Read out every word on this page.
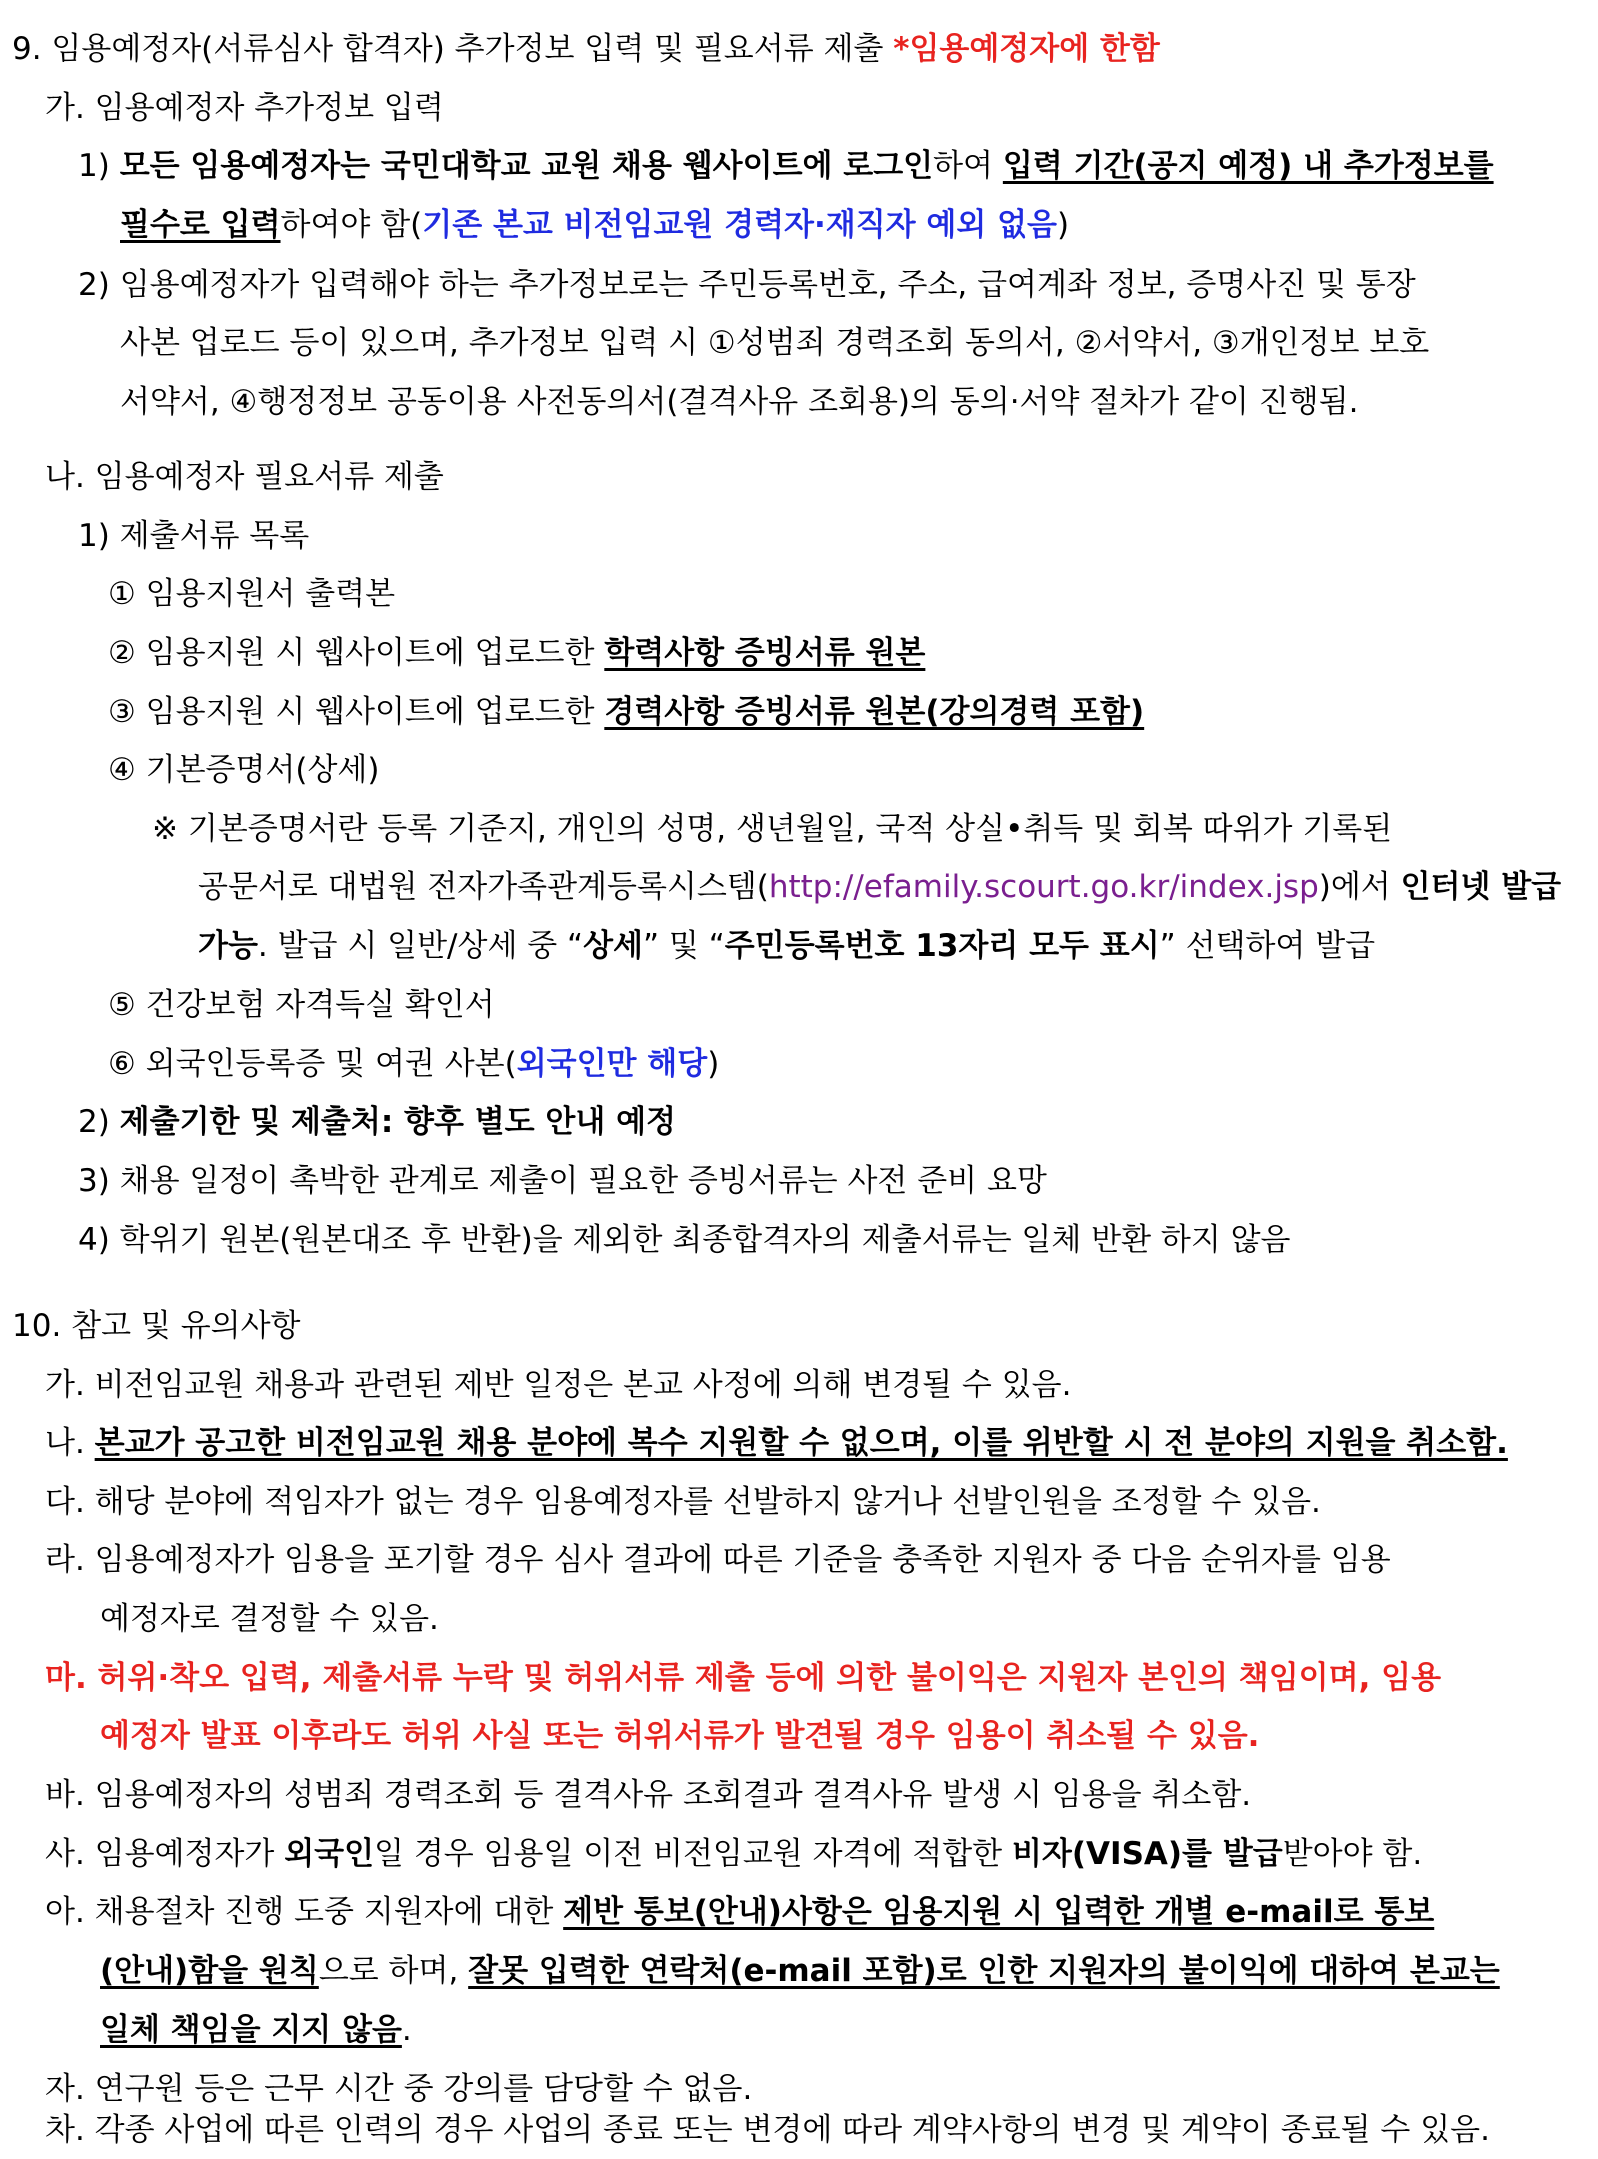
9. 임용예정자(서류심사 합격자) 추가정보 입력 및 필요서류 제출 *임용예정자에 한함
가. 임용예정자 추가정보 입력
1) 모든 임용예정자는 국민대학교 교원 채용 웹사이트에 로그인하여 입력 기간(공지 예정) 내 추가정보를
필수로 입력하여야 함(기존 본교 비전임교원 경력자·재직자 예외 없음)
2) 임용예정자가 입력해야 하는 추가정보로는 주민등록번호, 주소, 급여계좌 정보, 증명사진 및 통장
사본 업로드 등이 있으며, 추가정보 입력 시 ①성범죄 경력조회 동의서, ②서약서, ③개인정보 보호
서약서, ④행정정보 공동이용 사전동의서(결격사유 조회용)의 동의·서약 절차가 같이 진행됨.
나. 임용예정자 필요서류 제출
1) 제출서류 목록
① 임용지원서 출력본
② 임용지원 시 웹사이트에 업로드한 학력사항 증빙서류 원본
③ 임용지원 시 웹사이트에 업로드한 경력사항 증빙서류 원본(강의경력 포함)
④ 기본증명서(상세)
※ 기본증명서란 등록 기준지, 개인의 성명, 생년월일, 국적 상실•취득 및 회복 따위가 기록된
공문서로 대법원 전자가족관계등록시스템(http://efamily.scourt.go.kr/index.jsp)에서 인터넷 발급
가능. 발급 시 일반/상세 중 “상세” 및 “주민등록번호 13자리 모두 표시” 선택하여 발급
⑤ 건강보험 자격득실 확인서
⑥ 외국인등록증 및 여권 사본(외국인만 해당)
2) 제출기한 및 제출처: 향후 별도 안내 예정
3) 채용 일정이 촉박한 관계로 제출이 필요한 증빙서류는 사전 준비 요망
4) 학위기 원본(원본대조 후 반환)을 제외한 최종합격자의 제출서류는 일체 반환 하지 않음
10. 참고 및 유의사항
가. 비전임교원 채용과 관련된 제반 일정은 본교 사정에 의해 변경될 수 있음.
나. 본교가 공고한 비전임교원 채용 분야에 복수 지원할 수 없으며, 이를 위반할 시 전 분야의 지원을 취소함.
다. 해당 분야에 적임자가 없는 경우 임용예정자를 선발하지 않거나 선발인원을 조정할 수 있음.
라. 임용예정자가 임용을 포기할 경우 심사 결과에 따른 기준을 충족한 지원자 중 다음 순위자를 임용
예정자로 결정할 수 있음.
마. 허위·착오 입력, 제출서류 누락 및 허위서류 제출 등에 의한 불이익은 지원자 본인의 책임이며, 임용
예정자 발표 이후라도 허위 사실 또는 허위서류가 발견될 경우 임용이 취소될 수 있음.
바. 임용예정자의 성범죄 경력조회 등 결격사유 조회결과 결격사유 발생 시 임용을 취소함.
사. 임용예정자가 외국인일 경우 임용일 이전 비전임교원 자격에 적합한 비자(VISA)를 발급받아야 함.
아. 채용절차 진행 도중 지원자에 대한 제반 통보(안내)사항은 임용지원 시 입력한 개별 e-mail로 통보
(안내)함을 원칙으로 하며, 잘못 입력한 연락처(e-mail 포함)로 인한 지원자의 불이익에 대하여 본교는
일체 책임을 지지 않음.
자. 연구원 등은 근무 시간 중 강의를 담당할 수 없음.
차. 각종 사업에 따른 인력의 경우 사업의 종료 또는 변경에 따라 계약사항의 변경 및 계약이 종료될 수 있음.
